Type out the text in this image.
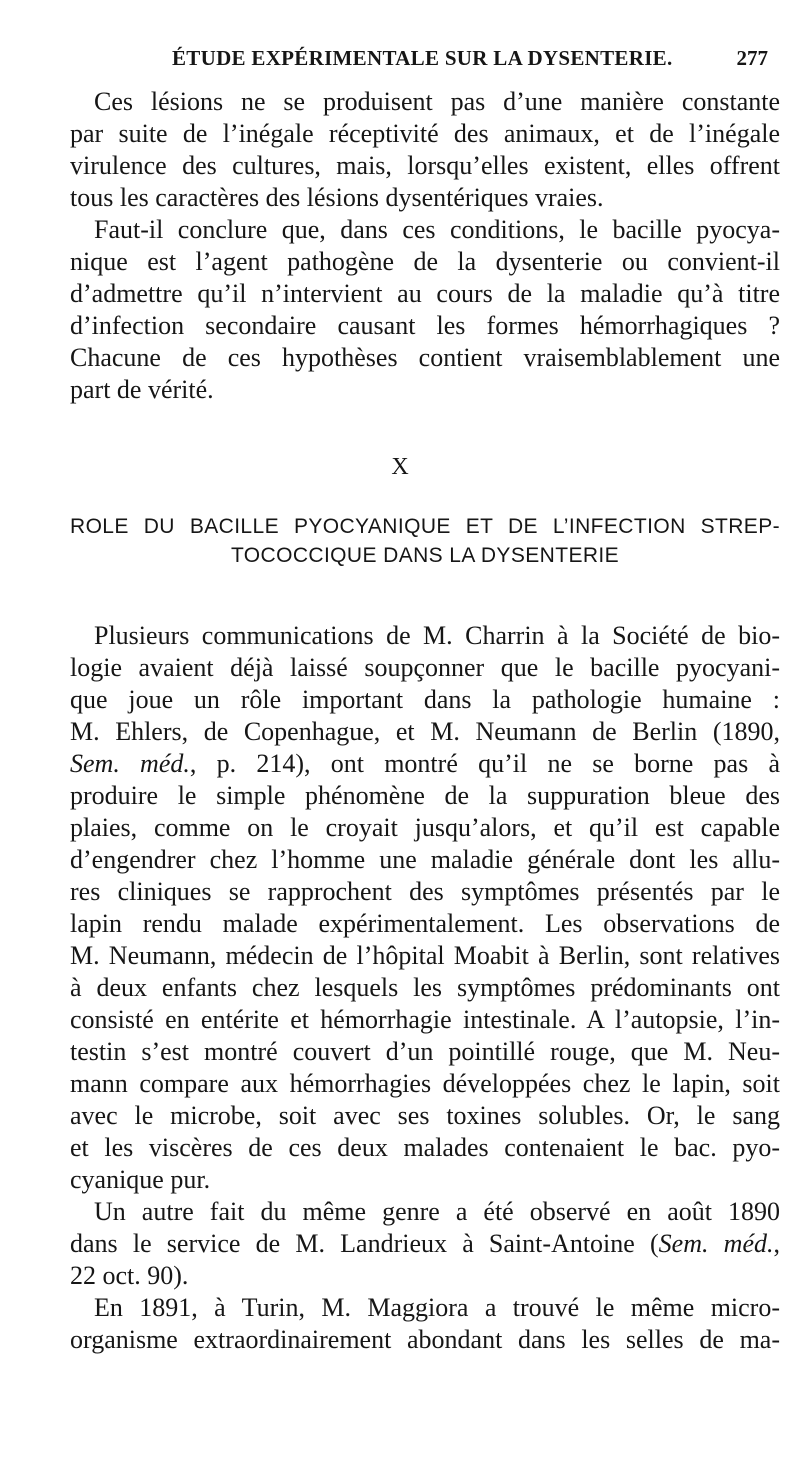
ÉTUDE EXPÉRIMENTALE SUR LA DYSENTERIE.	277
Ces lésions ne se produisent pas d’une manière constante
par suite de l’inégale réceptivité des animaux, et de l’inégale
virulence des cultures, mais, lorsqu’elles existent, elles offrent
tous les caractères des lésions dysentériques vraies.
Faut-il conclure que, dans ces conditions, le bacille pyocya-
nique est l’agent pathogène de la dysenterie ou convient-il
d’admettre qu’il n’intervient au cours de la maladie qu’à titre
d’infection secondaire causant les formes hémorrhagiques ?
Chacune de ces hypothèses contient vraisemblablement une
part de vérité.
X
ROLE DU BACILLE PYOCYANIQUE ET DE L’INFECTION STREP-
TOCOCCIQUE DANS LA DYSENTERIE
Plusieurs communications de M. Charrin à la Société de bio-
logie avaient déjà laissé soupçonner que le bacille pyocyani-
que joue un rôle important dans la pathologie humaine :
M. Ehlers, de Copenhague, et M. Neumann de Berlin (1890,
Sem. méd., p. 214), ont montré qu’il ne se borne pas à
produire le simple phénomène de la suppuration bleue des
plaies, comme on le croyait jusqu’alors, et qu’il est capable
d’engendrer chez l’homme une maladie générale dont les allu-
res cliniques se rapprochent des symptômes présentés par le
lapin rendu malade expérimentalement. Les observations de
M. Neumann, médecin de l’hôpital Moabit à Berlin, sont relatives
à deux enfants chez lesquels les symptômes prédominants ont
consisté en entérite et hémorrhagie intestinale. A l’autopsie, l’in-
testin s’est montré couvert d’un pointillé rouge, que M. Neu-
mann compare aux hémorrhagies développées chez le lapin, soit
avec le microbe, soit avec ses toxines solubles. Or, le sang
et les viscères de ces deux malades contenaient le bac. pyo-
cyanique pur.
Un autre fait du même genre a été observé en août 1890
dans le service de M. Landrieux à Saint-Antoine (Sem. méd.,
22 oct. 90).
En 1891, à Turin, M. Maggiora a trouvé le même micro-
organisme extraordinairement abondant dans les selles de ma-
